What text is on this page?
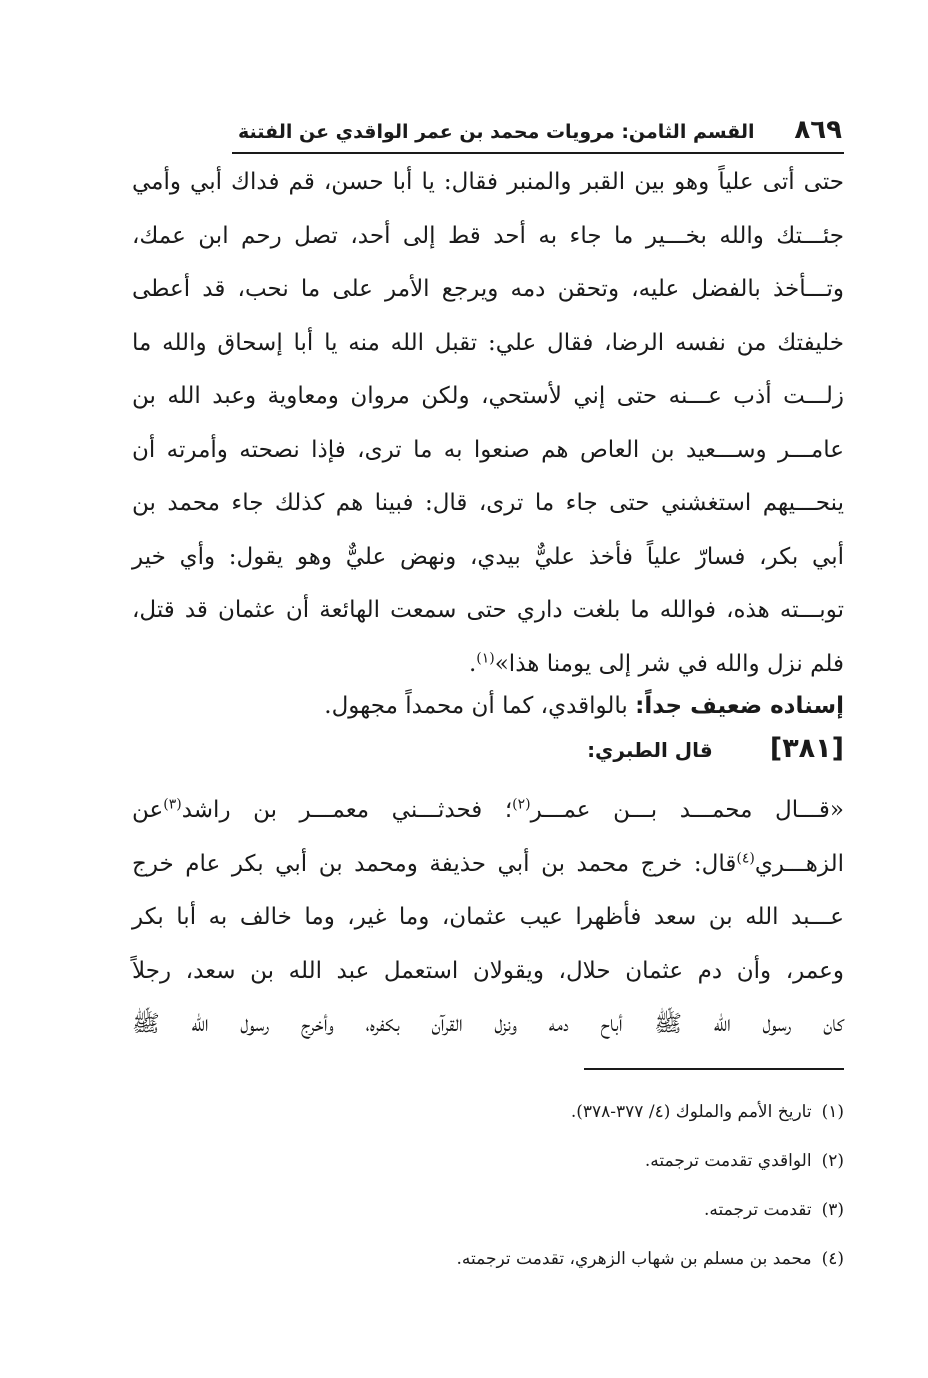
٨٦٩
القسم الثامن: مرويات محمد بن عمر الواقدي عن الفتنة

حتى أتى علياً وهو بين القبر والمنبر فقال: يا أبا حسن، قم فداك أبي وأمي

جئـــتك والله بخـــير ما جاء به أحد قط إلى أحد، تصل رحم ابن عمك،

وتـــأخذ بالفضل عليه، وتحقن دمه ويرجع الأمر على ما نحب، قد أعطى

خليفتك من نفسه الرضا، فقال علي: تقبل الله منه يا أبا إسحاق والله ما

زلـــت أذب عـــنه حتى إني لأستحي، ولكن مروان ومعاوية وعبد الله بن

عامـــر وســـعيد بن العاص هم صنعوا به ما ترى، فإذا نصحته وأمرته أن

ينحـــيهم استغشني حتى جاء ما ترى، قال: فبينا هم كذلك جاء محمد بن

أبي بكر، فسارّ علياً فأخذ عليٌّ بيدي، ونهض عليٌّ وهو يقول: وأي خير

توبـــته هذه، فوالله ما بلغت داري حتى سمعت الهائعة أن عثمان قد قتل،

فلم نزل والله في شر إلى يومنا هذا»$^{(١)}$.

إسناده ضعيف جداً: بالواقدي، كما أن محمداً مجهول.
[٣٨١] قال الطبري:

«قـــال محمـــد بـــن عمـــر$^{(٢)}$؛ فحدثـــني معمـــر بن راشد$^{(٣)}$عن

الزهـــري$^{(٤)}$قال: خرج محمد بن أبي حذيفة ومحمد بن أبي بكر عام خرج

عـــبد الله بن سعد فأظهرا عيب عثمان، وما غير، وما خالف به أبا بكر

وعمر، وأن دم عثمان حلال، ويقولان استعمل عبد الله بن سعد، رجلاً

كان رسول الله ﷺ أباح دمه ونزل القرآن بكفره، وأخرج رسول الله ﷺ

(١)تاريخ الأمم والملوك (٤/ ٣٧٧-٣٧٨).
(٢)الواقدي تقدمت ترجمته.
(٣)تقدمت ترجمته.
(٤)محمد بن مسلم بن شهاب الزهري، تقدمت ترجمته.
